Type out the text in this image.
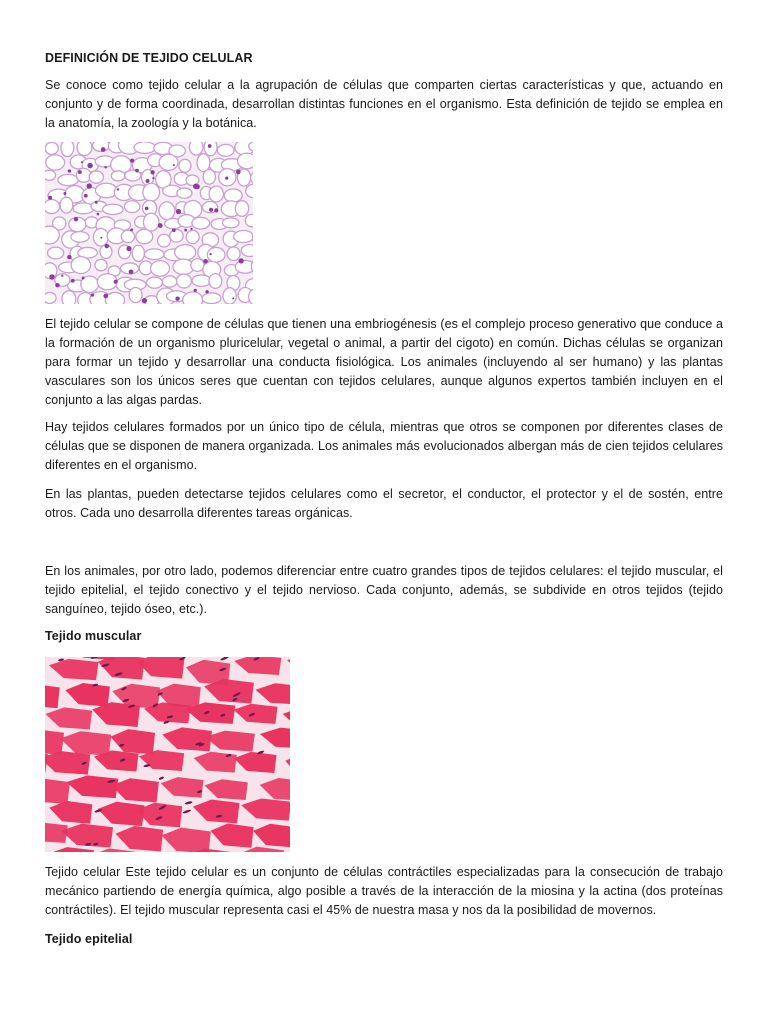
DEFINICIÓN DE TEJIDO CELULAR
Se conoce como tejido celular a la agrupación de células que comparten ciertas características y que, actuando en conjunto y de forma coordinada, desarrollan distintas funciones en el organismo. Esta definición de tejido se emplea en la anatomía, la zoología y la botánica.
El tejido celular se compone de células que tienen una embriogénesis (es el complejo proceso generativo que conduce a la formación de un organismo pluricelular, vegetal o animal, a partir del cigoto) en común. Dichas células se organizan para formar un tejido y desarrollar una conducta fisiológica. Los animales (incluyendo al ser humano) y las plantas vasculares son los únicos seres que cuentan con tejidos celulares, aunque algunos expertos también incluyen en el conjunto a las algas pardas.
Hay tejidos celulares formados por un único tipo de célula, mientras que otros se componen por diferentes clases de células que se disponen de manera organizada. Los animales más evolucionados albergan más de cien tejidos celulares diferentes en el organismo.
En las plantas, pueden detectarse tejidos celulares como el secretor, el conductor, el protector y el de sostén, entre otros. Cada uno desarrolla diferentes tareas orgánicas.
En los animales, por otro lado, podemos diferenciar entre cuatro grandes tipos de tejidos celulares: el tejido muscular, el tejido epitelial, el tejido conectivo y el tejido nervioso. Cada conjunto, además, se subdivide en otros tejidos (tejido sanguíneo, tejido óseo, etc.).
Tejido muscular
Tejido celular Este tejido celular es un conjunto de células contráctiles especializadas para la consecución de trabajo mecánico partiendo de energía química, algo posible a través de la interacción de la miosina y la actina (dos proteínas contráctiles). El tejido muscular representa casi el 45% de nuestra masa y nos da la posibilidad de movernos.
Tejido epitelial
